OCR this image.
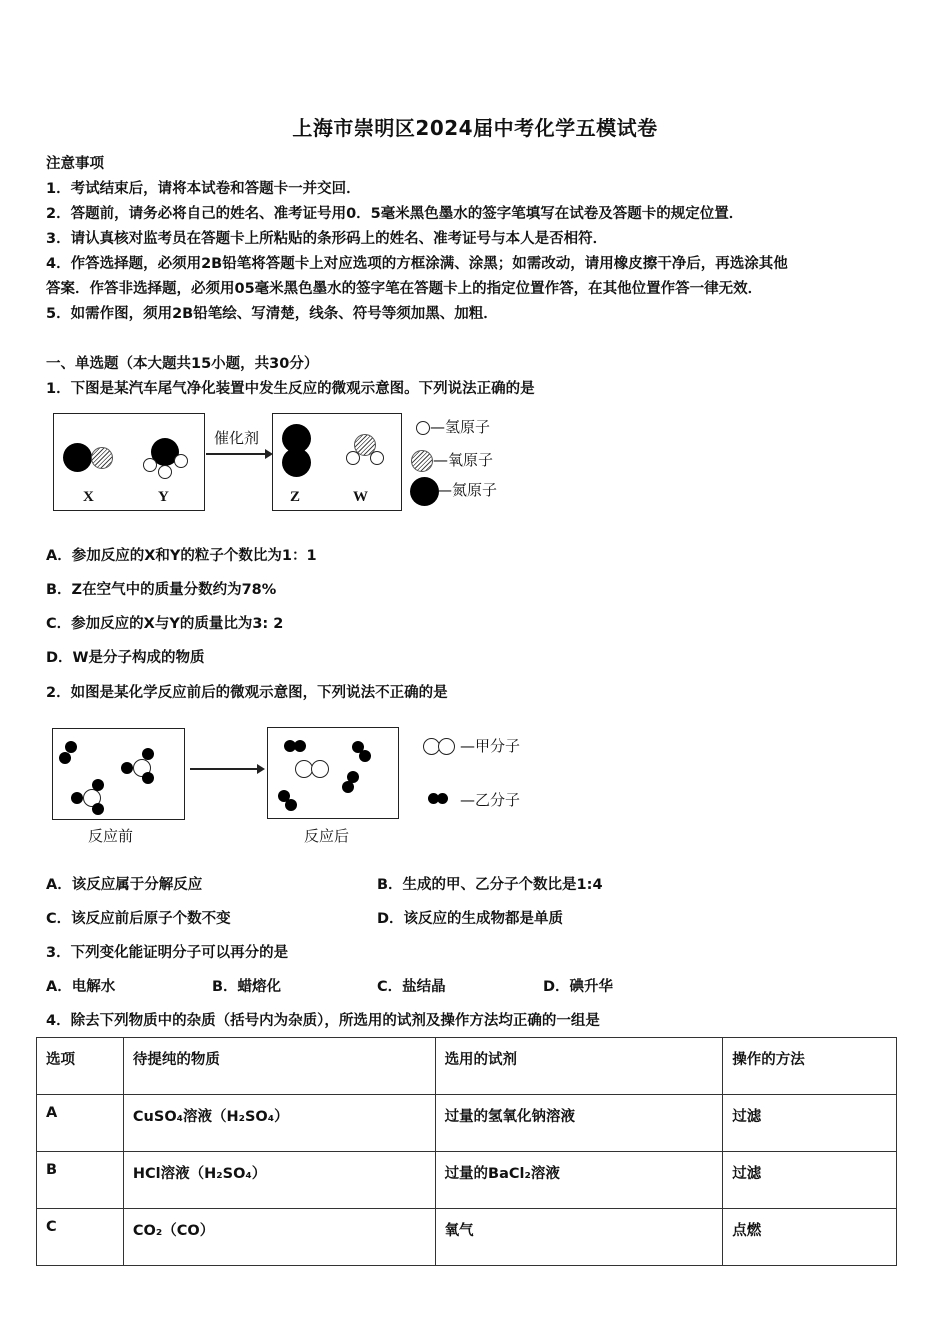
上海市崇明区2024届中考化学五模试卷
注意事项
1．考试结束后，请将本试卷和答题卡一并交回．
2．答题前，请务必将自己的姓名、准考证号用0．5毫米黑色墨水的签字笔填写在试卷及答题卡的规定位置．
3．请认真核对监考员在答题卡上所粘贴的条形码上的姓名、准考证号与本人是否相符．
4．作答选择题，必须用2B铅笔将答题卡上对应选项的方框涂满、涂黑；如需改动，请用橡皮擦干净后，再选涂其他
答案．作答非选择题，必须用05毫米黑色墨水的签字笔在答题卡上的指定位置作答，在其他位置作答一律无效．
5．如需作图，须用2B铅笔绘、写清楚，线条、符号等须加黑、加粗．
一、单选题（本大题共15小题，共30分）
1．下图是某汽车尾气净化装置中发生反应的微观示意图。下列说法正确的是
X	Y
催化剂
Z	W
—氢原子
—氧原子
—氮原子
A．参加反应的X和Y的粒子个数比为1：1
B．Z在空气中的质量分数约为78%
C．参加反应的X与Y的质量比为3: 2
D．W是分子构成的物质
2．如图是某化学反应前后的微观示意图，下列说法不正确的是
反应前	反应后
—甲分子
—乙分子
A．该反应属于分解反应	B．生成的甲、乙分子个数比是1:4
C．该反应前后原子个数不变	D．该反应的生成物都是单质
3．下列变化能证明分子可以再分的是
A．电解水	B．蜡熔化	C．盐结晶	D．碘升华
4．除去下列物质中的杂质（括号内为杂质），所选用的试剂及操作方法均正确的一组是
选项	待提纯的物质	选用的试剂	操作的方法
A	CuSO₄溶液（H₂SO₄）	过量的氢氧化钠溶液	过滤
B	HCl溶液（H₂SO₄）	过量的BaCl₂溶液	过滤
C	CO₂（CO）	氧气	点燃
